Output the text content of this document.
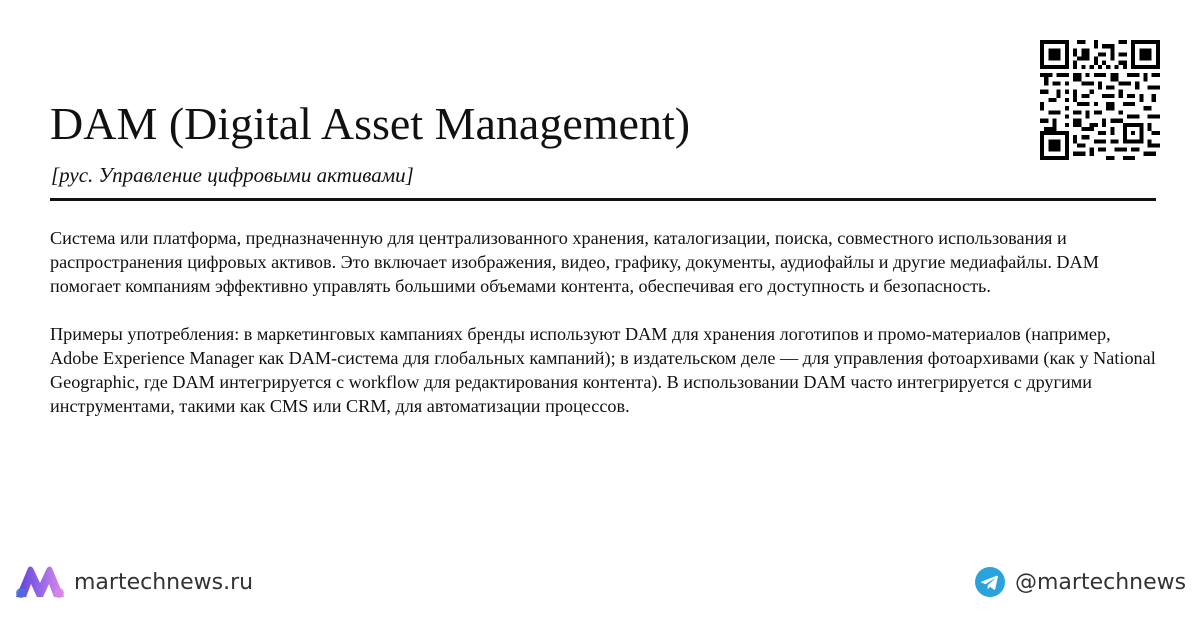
DAM (Digital Asset Management)

[рус. Управление цифровыми активами]

Система или платформа, предназначенную для централизованного хранения, каталогизации, поиска, совместного использования и распространения цифровых активов. Это включает изображения, видео, графику, документы, аудиофайлы и другие медиафайлы. DAM помогает компаниям эффективно управлять большими объемами контента, обеспечивая его доступность и безопасность.

Примеры употребления: в маркетинговых кампаниях бренды используют DAM для хранения логотипов и промо-материалов (например, Adobe Experience Manager как DAM-система для глобальных кампаний); в издательском деле — для управления фотоархивами (как у National Geographic, где DAM интегрируется с workflow для редактирования контента). В использовании DAM часто интегрируется с другими инструментами, такими как CMS или CRM, для автоматизации процессов.

martechnews.ru	@martechnews
